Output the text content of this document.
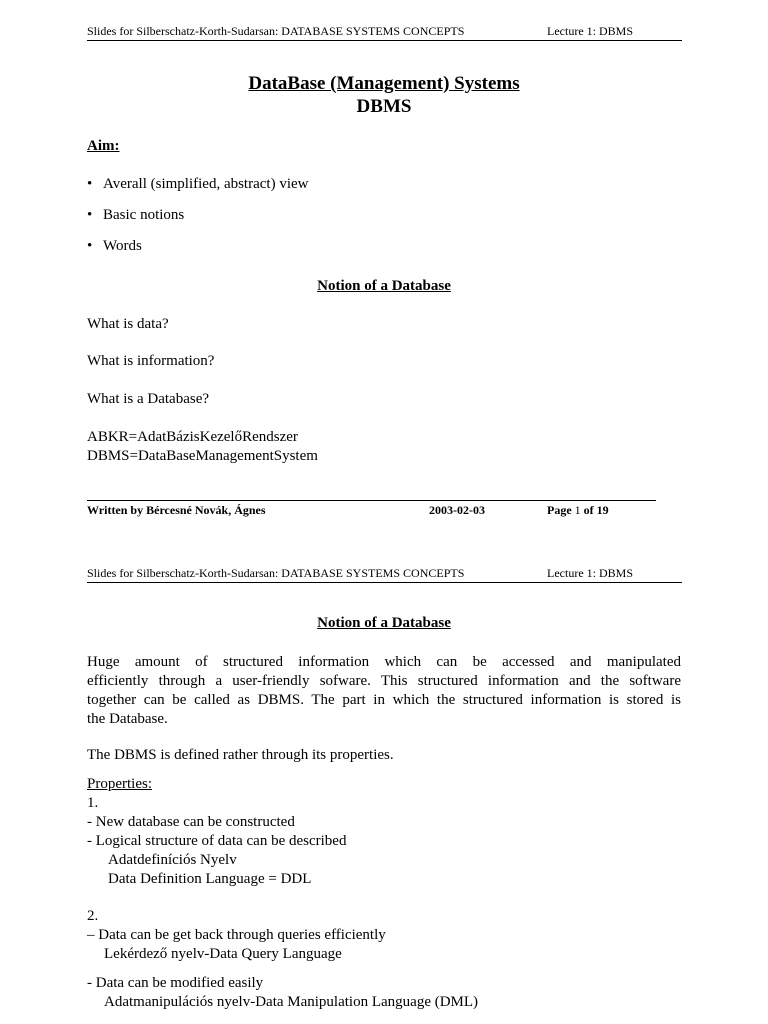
Slides for Silberschatz-Korth-Sudarsan: DATABASE SYSTEMS CONCEPTS	Lecture 1: DBMS
DataBase (Management) Systems
DBMS
Aim:
• Averall (simplified, abstract) view
• Basic notions
• Words
Notion of a Database
What is data?
What is information?
What is a Database?
ABKR=AdatBázisKezelőRendszer
DBMS=DataBaseManagementSystem
Written by Bércesné Novák, Ágnes	2003-02-03	Page 1 of 19
Slides for Silberschatz-Korth-Sudarsan: DATABASE SYSTEMS CONCEPTS	Lecture 1: DBMS
Notion of a Database
Huge amount of structured information which can be accessed and manipulated
efficiently through a user-friendly sofware. This structured information and the software
together can be called as DBMS. The part in which the structured information is stored is
the Database.
The DBMS is defined rather through its properties.
Properties:
1.
- New database can be constructed
- Logical structure of data can be described
Adatdefiníciós Nyelv
Data Definition Language = DDL
2.
– Data can be get back through queries efficiently
Lekérdező nyelv-Data Query Language
- Data can be modified easily
Adatmanipulációs nyelv-Data Manipulation Language (DML)
